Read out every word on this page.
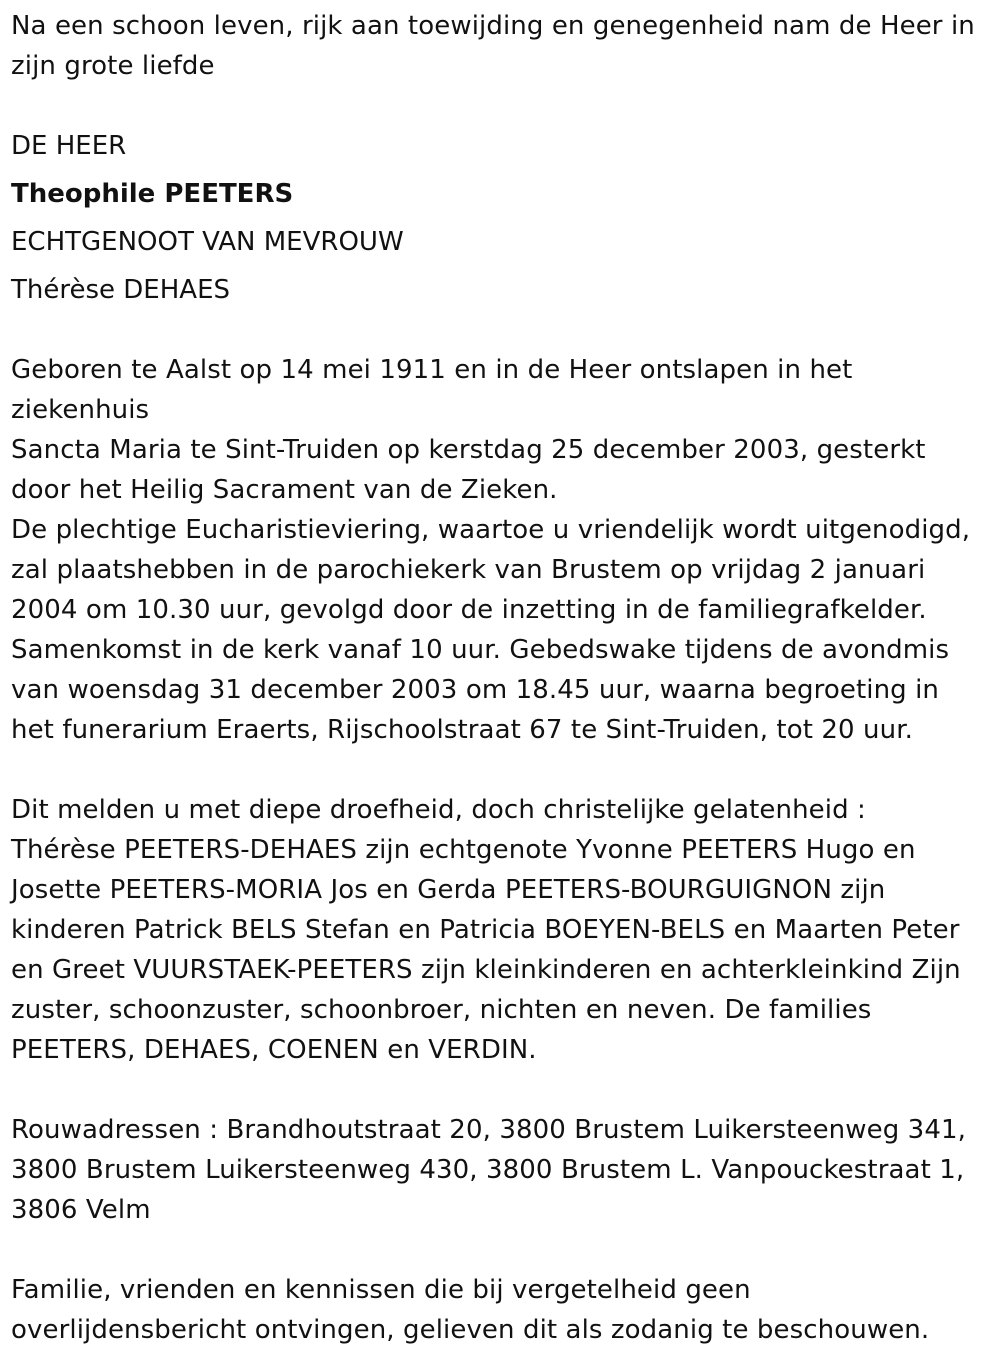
Na een schoon leven, rijk aan toewijding en genegenheid nam de Heer in
zijn grote liefde

DE HEER

Theophile PEETERS

ECHTGENOOT VAN MEVROUW

Thérèse DEHAES

Geboren te Aalst op 14 mei 1911 en in de Heer ontslapen in het ziekenhuis
Sancta Maria te Sint-Truiden op kerstdag 25 december 2003, gesterkt
door het Heilig Sacrament van de Zieken.

De plechtige Eucharistieviering, waartoe u vriendelijk wordt uitgenodigd,
zal plaatshebben in de parochiekerk van Brustem op vrijdag 2 januari
2004 om 10.30 uur, gevolgd door de inzetting in de familiegrafkelder.
Samenkomst in de kerk vanaf 10 uur. Gebedswake tijdens de avondmis
van woensdag 31 december 2003 om 18.45 uur, waarna begroeting in
het funerarium Eraerts, Rijschoolstraat 67 te Sint-Truiden, tot 20 uur.

Dit melden u met diepe droefheid, doch christelijke gelatenheid :
Thérèse PEETERS-DEHAES zijn echtgenote Yvonne PEETERS Hugo en
Josette PEETERS-MORIA Jos en Gerda PEETERS-BOURGUIGNON zijn
kinderen Patrick BELS Stefan en Patricia BOEYEN-BELS en Maarten Peter
en Greet VUURSTAEK-PEETERS zijn kleinkinderen en achterkleinkind Zijn
zuster, schoonzuster, schoonbroer, nichten en neven. De families
PEETERS, DEHAES, COENEN en VERDIN.

Rouwadressen : Brandhoutstraat 20, 3800 Brustem Luikersteenweg 341,
3800 Brustem Luikersteenweg 430, 3800 Brustem L. Vanpouckestraat 1,
3806 Velm

Familie, vrienden en kennissen die bij vergetelheid geen
overlijdensbericht ontvingen, gelieven dit als zodanig te beschouwen.
